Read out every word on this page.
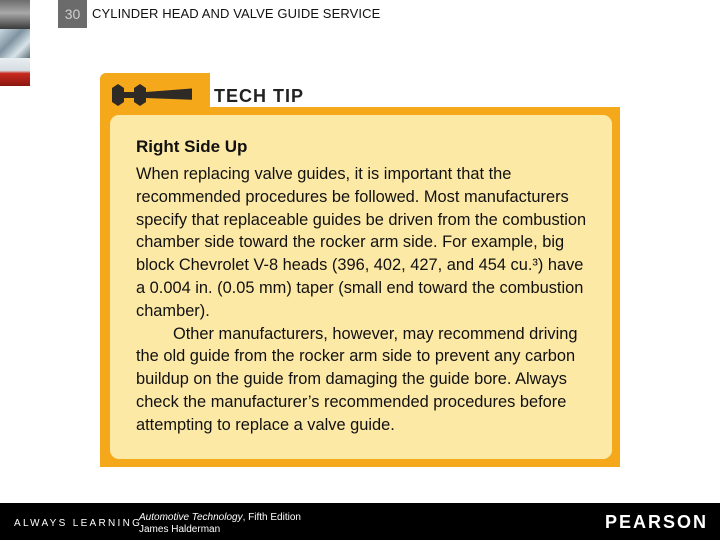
30 CYLINDER HEAD AND VALVE GUIDE SERVICE
TECH TIP
Right Side Up

When replacing valve guides, it is important that the recommended procedures be followed. Most manufacturers specify that replaceable guides be driven from the combustion chamber side toward the rocker arm side. For example, big block Chevrolet V-8 heads (396, 402, 427, and 454 cu.³) have a 0.004 in. (0.05 mm) taper (small end toward the combustion chamber).

Other manufacturers, however, may recommend driving the old guide from the rocker arm side to prevent any carbon buildup on the guide from damaging the guide bore. Always check the manufacturer’s recommended procedures before attempting to replace a valve guide.

ALWAYS LEARNING
Automotive Technology, Fifth Edition
James Halderman	PEARSON
